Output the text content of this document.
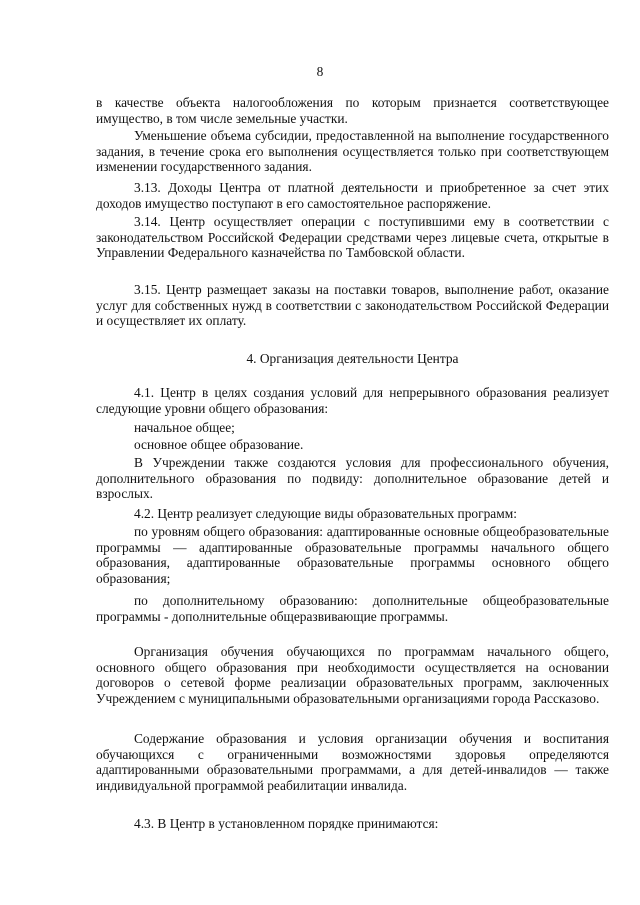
8

в качестве объекта налогообложения по которым признается соответствующее имущество, в том числе земельные участки.

Уменьшение объема субсидии, предоставленной на выполнение государственного задания, в течение срока его выполнения осуществляется только при соответствующем изменении государственного задания.

3.13. Доходы Центра от платной деятельности и приобретенное за счет этих доходов имущество поступают в его самостоятельное распоряжение.

3.14. Центр осуществляет операции с поступившими ему в соответствии с законодательством Российской Федерации средствами через лицевые счета, открытые в Управлении Федерального казначейства по Тамбовской области.

3.15. Центр размещает заказы на поставки товаров, выполнение работ, оказание услуг для собственных нужд в соответствии с законодательством Российской Федерации и осуществляет их оплату.

4. Организация деятельности Центра

4.1. Центр в целях создания условий для непрерывного образования реализует следующие уровни общего образования:

начальное общее;

основное общее образование.

В Учреждении также создаются условия для профессионального обучения, дополнительного образования по подвиду: дополнительное образование детей и взрослых.

4.2. Центр реализует следующие виды образовательных программ:

по уровням общего образования: адаптированные основные общеобразовательные программы — адаптированные образовательные программы начального общего образования, адаптированные образовательные программы основного общего образования;

по дополнительному образованию: дополнительные общеобразовательные программы - дополнительные общеразвивающие программы.

Организация обучения обучающихся по программам начального общего, основного общего образования при необходимости осуществляется на основании договоров о сетевой форме реализации образовательных программ, заключенных Учреждением с муниципальными образовательными организациями города Рассказово.

Содержание образования и условия организации обучения и воспитания обучающихся с ограниченными возможностями здоровья определяются адаптированными образовательными программами, а для детей-инвалидов — также индивидуальной программой реабилитации инвалида.

4.3. В Центр в установленном порядке принимаются:
